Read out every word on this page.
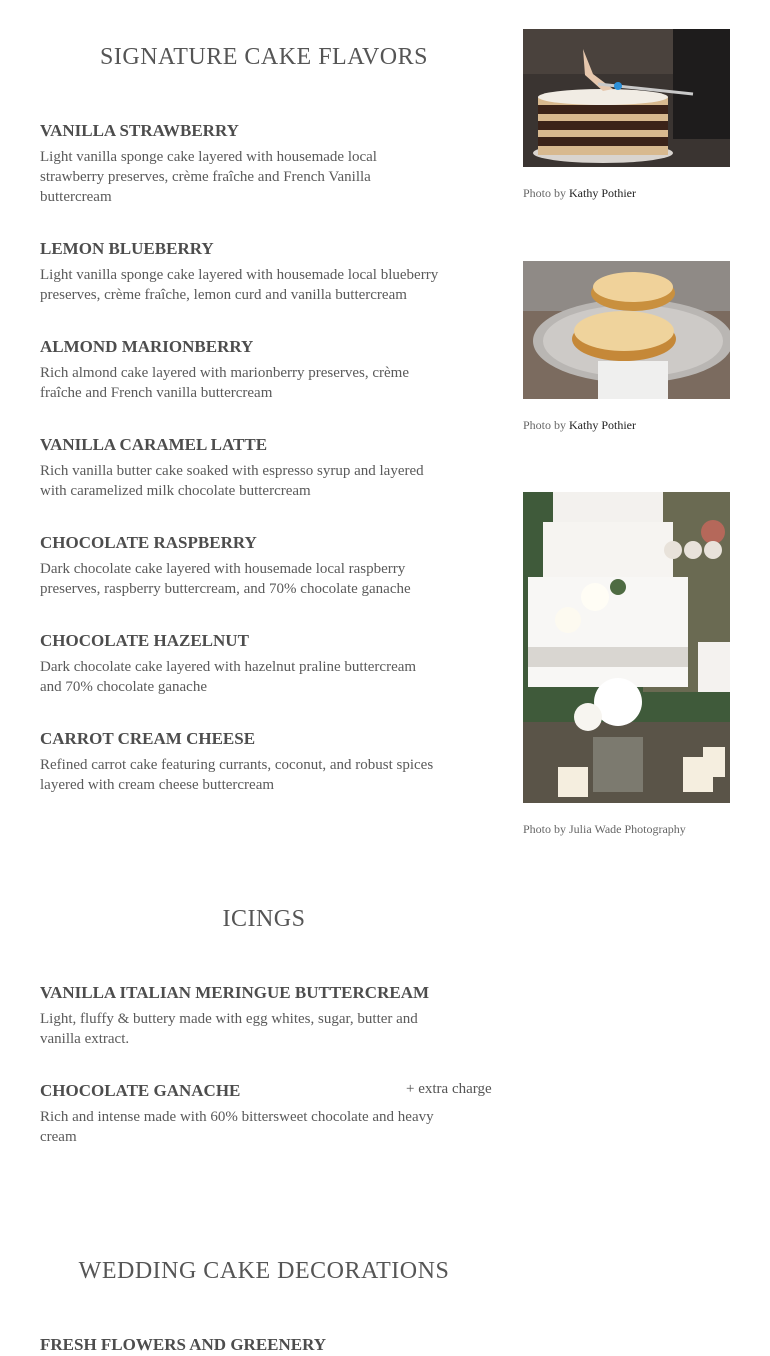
SIGNATURE CAKE FLAVORS

VANILLA STRAWBERRY

Light vanilla sponge cake layered with housemade local strawberry preserves, crème fraîche and French Vanilla buttercream

LEMON BLUEBERRY

Light vanilla sponge cake layered with housemade local blueberry preserves, crème fraîche, lemon curd and vanilla buttercream

ALMOND MARIONBERRY

Rich almond cake layered with marionberry preserves, crème fraîche and French vanilla buttercream

VANILLA CARAMEL LATTE

Rich vanilla butter cake soaked with espresso syrup and layered with caramelized milk chocolate buttercream

CHOCOLATE RASPBERRY

Dark chocolate cake layered with housemade local raspberry preserves, raspberry buttercream, and 70% chocolate ganache

CHOCOLATE HAZELNUT

Dark chocolate cake layered with hazelnut praline buttercream and 70% chocolate ganache

CARROT CREAM CHEESE

Refined carrot cake featuring currants, coconut, and robust spices layered with cream cheese buttercream

Photo by Kathy Pothier
Photo by Kathy Pothier
Photo by Julia Wade Photography
ICINGS

VANILLA ITALIAN MERINGUE BUTTERCREAM

Light, fluffy & buttery made with egg whites, sugar, butter and vanilla extract.

CHOCOLATE GANACHE

Rich and intense made with 60% bittersweet chocolate and heavy cream

+ extra charge
WEDDING CAKE DECORATIONS

FRESH FLOWERS AND GREENERY
